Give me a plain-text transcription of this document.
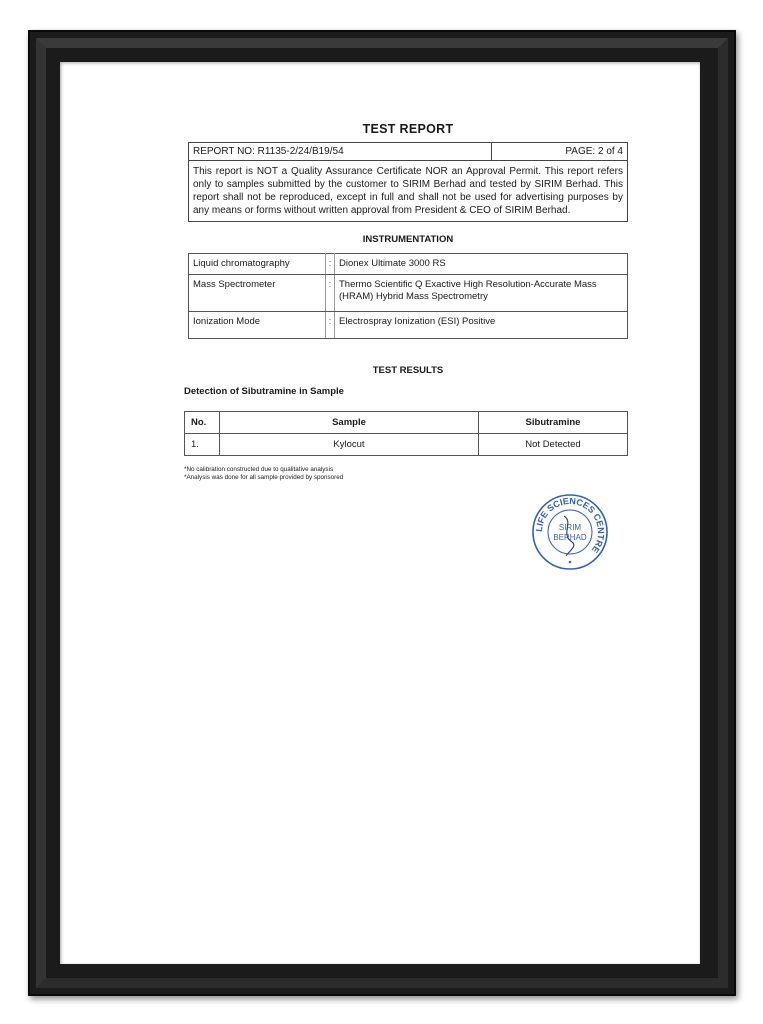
TEST REPORT
REPORT NO: R1135-2/24/B19/54	PAGE: 2 of 4
This report is NOT a Quality Assurance Certificate NOR an Approval Permit. This report refers only to samples submitted by the customer to SIRIM Berhad and tested by SIRIM Berhad. This report shall not be reproduced, except in full and shall not be used for advertising purposes by any means or forms without written approval from President & CEO of SIRIM Berhad.
INSTRUMENTATION
Liquid chromatography	:	Dionex Ultimate 3000 RS
Mass Spectrometer	:	Thermo Scientific Q Exactive High Resolution-Accurate Mass (HRAM) Hybrid Mass Spectrometry
Ionization Mode	:	Electrospray Ionization (ESI) Positive
TEST RESULTS
Detection of Sibutramine in Sample
No.	Sample	Sibutramine
1.	Kylocut	Not Detected
*No calibration constructed due to qualitative analysis
*Analysis was done for all sample provided by sponsored
LIFE SCIENCES CENTRE
SIRIM
BERHAD
